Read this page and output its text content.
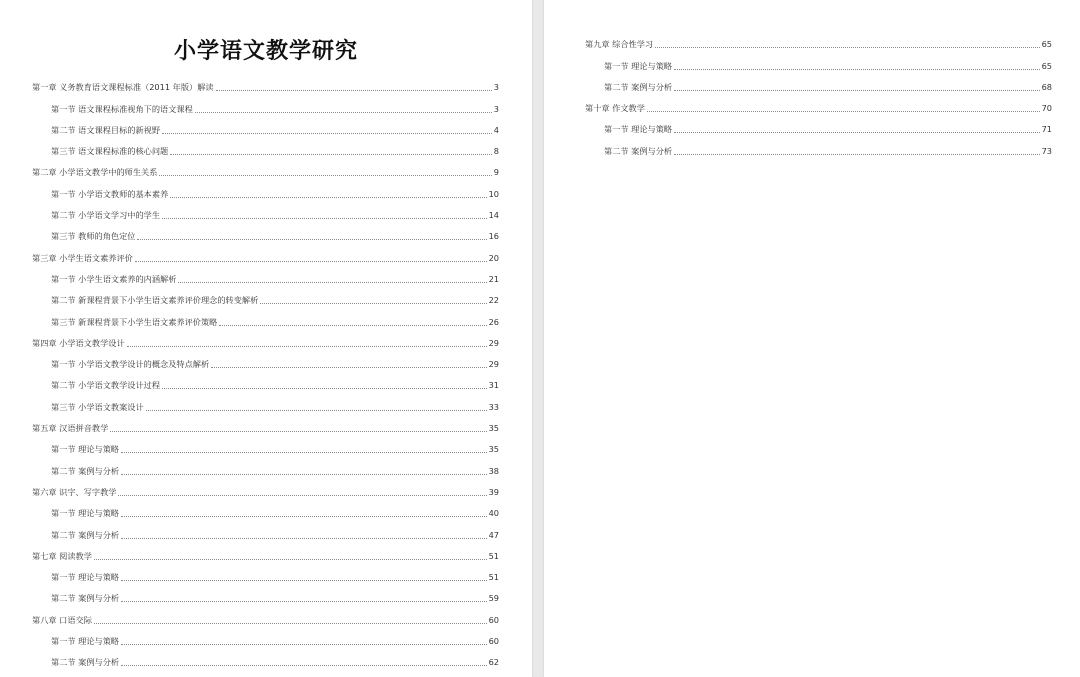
小学语文教学研究
第一章 义务教育语文课程标准（2011 年版）解读	3
第一节 语文课程标准视角下的语文课程	3
第二节 语文课程目标的新视野	4
第三节 语文课程标准的核心问题	8
第二章 小学语文教学中的师生关系	9
第一节 小学语文教师的基本素养	10
第二节 小学语文学习中的学生	14
第三节 教师的角色定位	16
第三章 小学生语文素养评价	20
第一节 小学生语文素养的内涵解析	21
第二节 新课程背景下小学生语文素养评价理念的转变解析	22
第三节 新课程背景下小学生语文素养评价策略	26
第四章 小学语文教学设计	29
第一节 小学语文教学设计的概念及特点解析	29
第二节 小学语文教学设计过程	31
第三节 小学语文教案设计	33
第五章 汉语拼音教学	35
第一节 理论与策略	35
第二节 案例与分析	38
第六章 识字、写字教学	39
第一节 理论与策略	40
第二节 案例与分析	47
第七章 阅读教学	51
第一节 理论与策略	51
第二节 案例与分析	59
第八章 口语交际	60
第一节 理论与策略	60
第二节 案例与分析	62
第九章 综合性学习	65
第一节 理论与策略	65
第二节 案例与分析	68
第十章 作文教学	70
第一节 理论与策略	71
第二节 案例与分析	73
